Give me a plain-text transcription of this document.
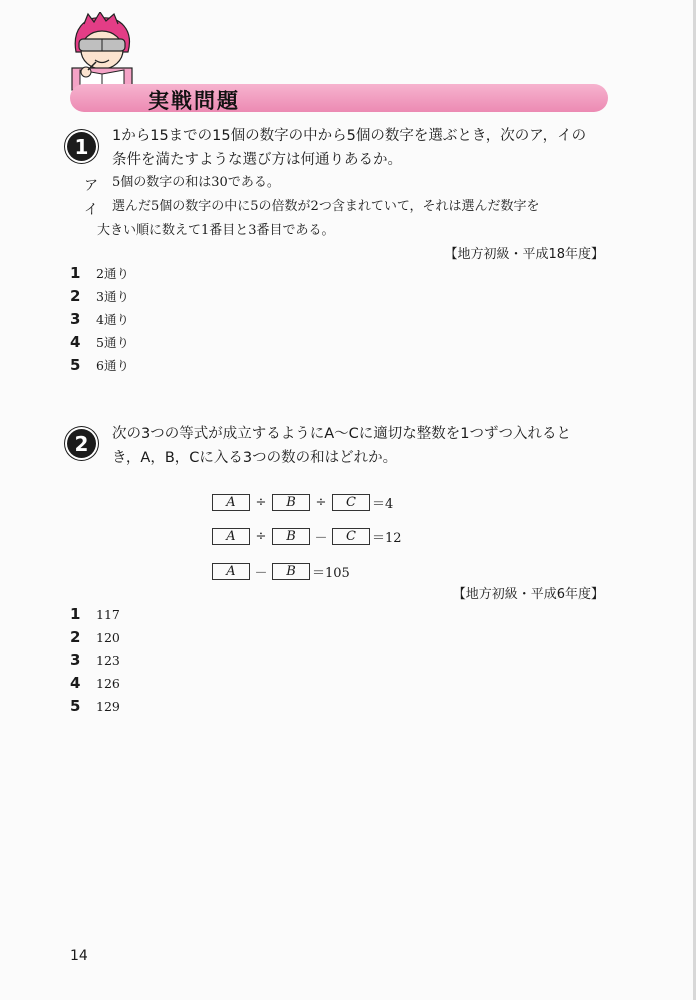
実戦問題
1	1から15までの15個の数字の中から5個の数字を選ぶとき，次のア，イの
条件を満たすような選び方は何通りあるか。
ア 5個の数字の和は30である。
イ 選んだ5個の数字の中に5の倍数が2つ含まれていて，それは選んだ数字を
大きい順に数えて1番目と3番目である。
【地方初級・平成18年度】
1	2通り
2	3通り
3	4通り
4	5通り
5	6通り
2	次の3つの等式が成立するようにA～Cに適切な整数を1つずつ入れると
き，A，B，Cに入る3つの数の和はどれか。
A	÷	B	÷	C	＝4
A	÷	B	－	C	＝12
A	－	B	＝105
【地方初級・平成6年度】
1	117
2	120
3	123
4	126
5	129
14
